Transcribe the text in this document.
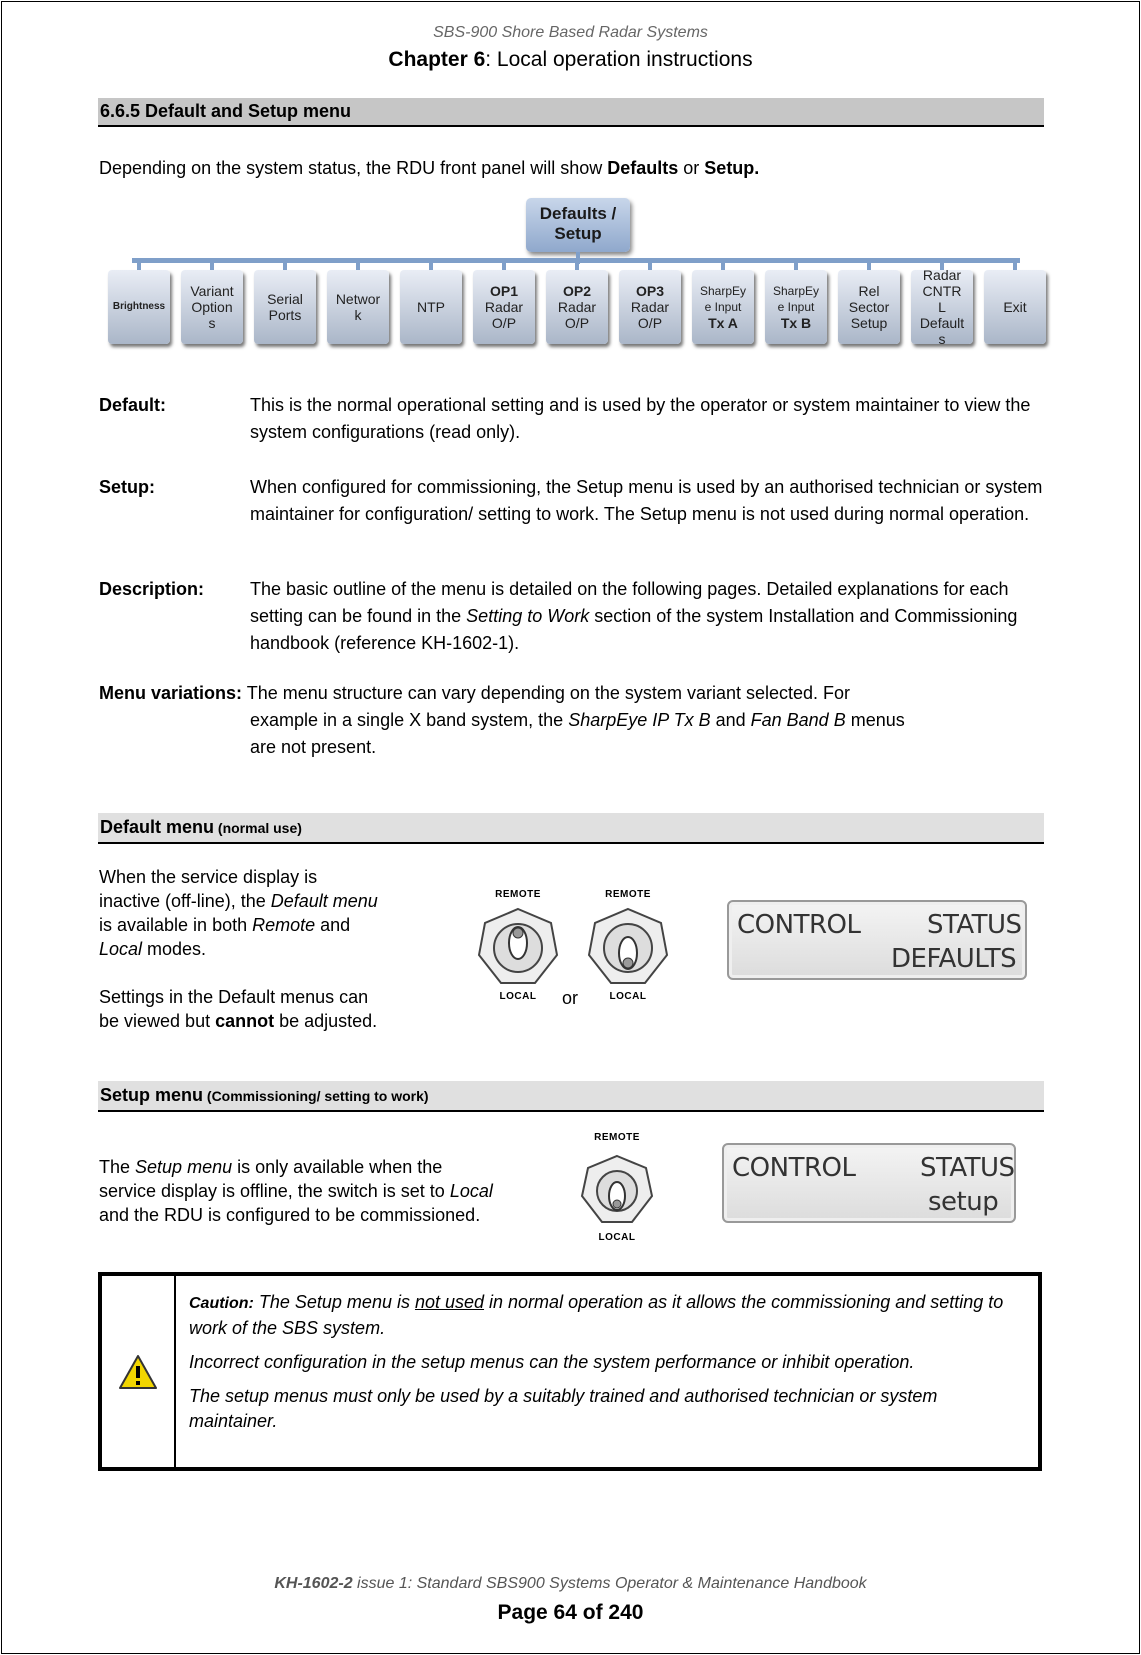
SBS-900 Shore Based Radar Systems
Chapter 6: Local operation instructions
6.6.5 Default and Setup menu
Depending on the system status, the RDU front panel will show Defaults or Setup.
Defaults /
Setup
Brightness
Variant
Option
s
Serial
Ports
Networ
k	NTP
OP1
Radar
O/P
OP2
Radar
O/P
OP3
Radar
O/P
SharpEy
e Input
Tx A
SharpEy
e Input
Tx B
Rel
Sector
Setup
Radar
CNTR
L
Default
s
Exit
Default:	This is the normal operational setting and is used by the operator or system maintainer to view the system configurations (read only).
Setup:	When configured for commissioning, the Setup menu is used by an authorised technician or system maintainer for configuration/ setting to work. The Setup menu is not used during normal operation.
Description:	The basic outline of the menu is detailed on the following pages. Detailed explanations for each setting can be found in the Setting to Work section of the system Installation and Commissioning handbook (reference KH-1602-1).
Menu variations: The menu structure can vary depending on the system variant selected. For
example in a single X band system, the SharpEye IP Tx B and Fan Band B menus
are not present.
Default menu (normal use)
When the service display is
inactive (off-line), the Default menu
is available in both Remote and
Local modes.
Settings in the Default menus can
be viewed but cannot be adjusted.
REMOTE
LOCAL	or
REMOTE
LOCAL
CONTROL	STATUS
DEFAULTS
Setup menu (Commissioning/ setting to work)
The Setup menu is only available when the
service display is offline, the switch is set to Local
and the RDU is configured to be commissioned.
REMOTE
LOCAL
CONTROL STATUS
setup

Caution: The Setup menu is not used in normal operation as it allows the commissioning and setting to work of the SBS system.

Incorrect configuration in the setup menus can the system performance or inhibit operation.

The setup menus must only be used by a suitably trained and authorised technician or system maintainer.

KH-1602-2 issue 1: Standard SBS900 Systems Operator & Maintenance Handbook
Page 64 of 240
